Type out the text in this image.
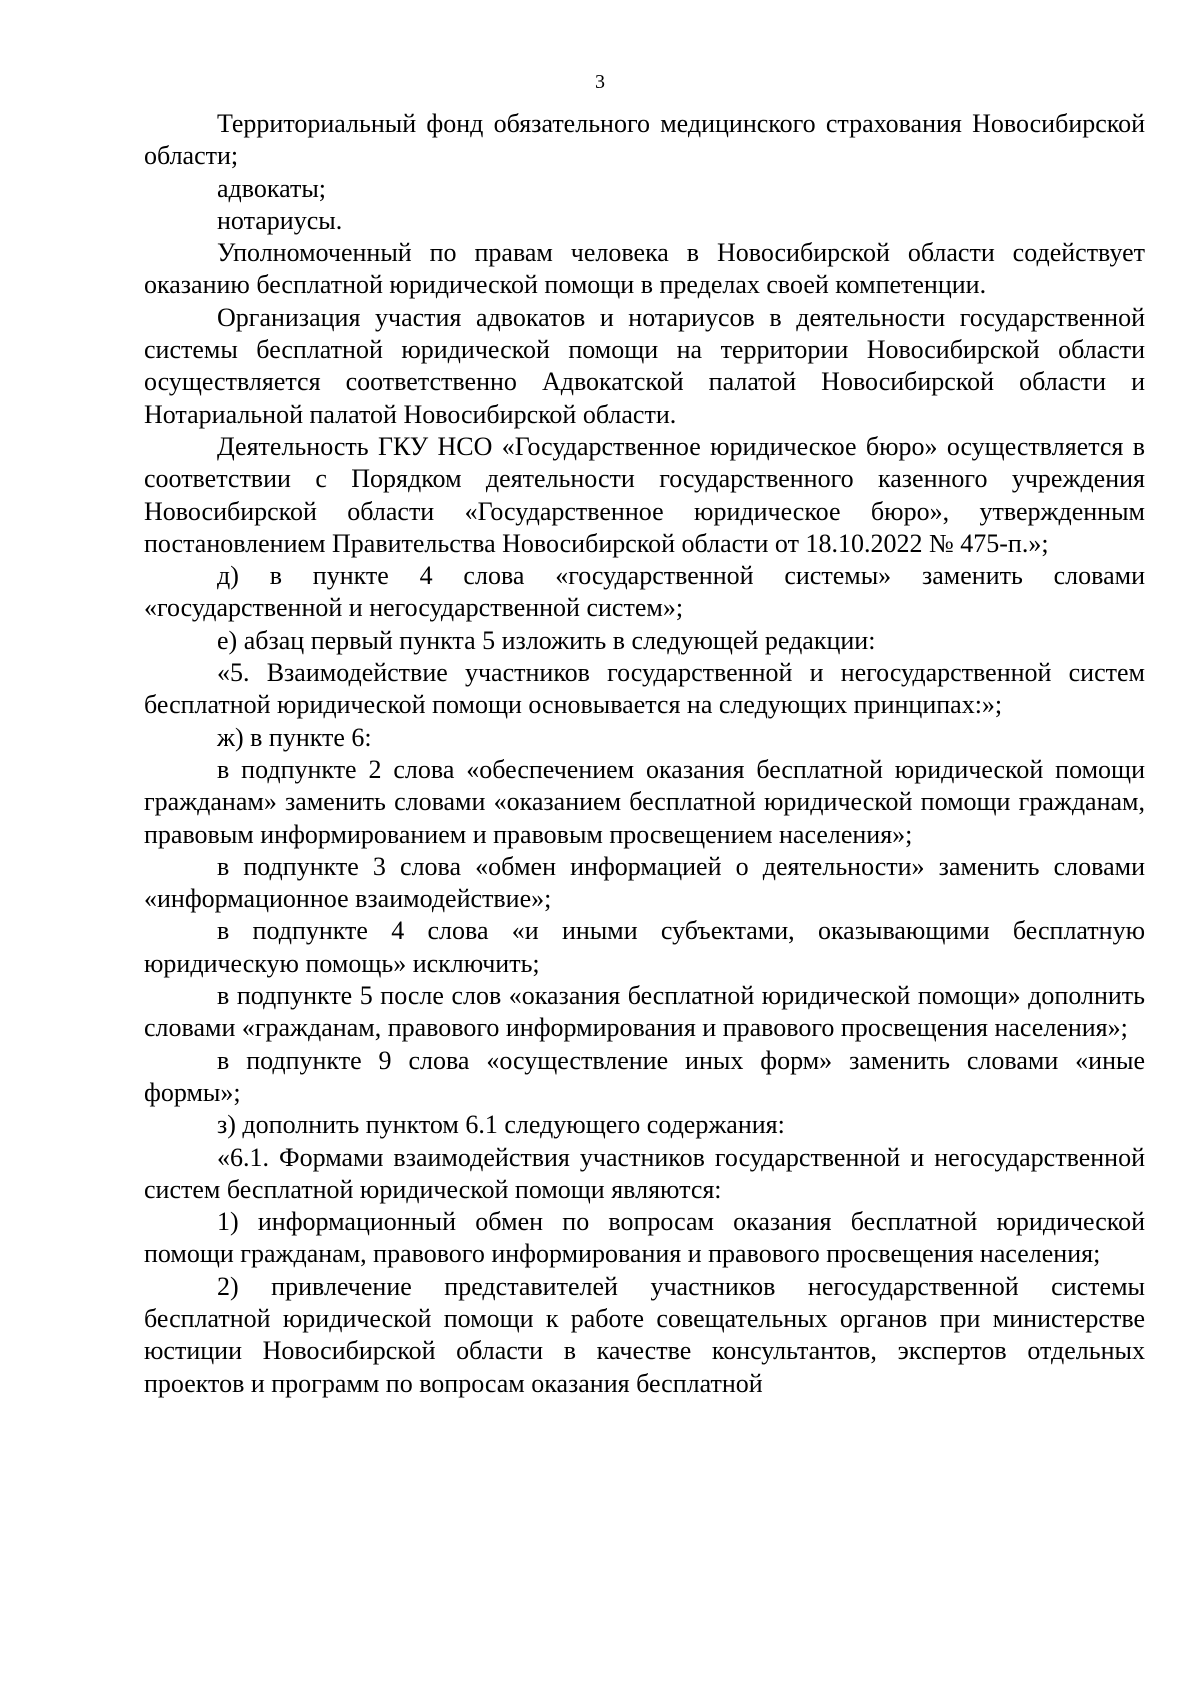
3

Территориальный фонд обязательного медицинского страхования Новосибирской области;

адвокаты;

нотариусы.

Уполномоченный по правам человека в Новосибирской области содействует оказанию бесплатной юридической помощи в пределах своей компетенции.

Организация участия адвокатов и нотариусов в деятельности государственной системы бесплатной юридической помощи на территории Новосибирской области осуществляется соответственно Адвокатской палатой Новосибирской области и Нотариальной палатой Новосибирской области.

Деятельность ГКУ НСО «Государственное юридическое бюро» осуществляется в соответствии с Порядком деятельности государственного казенного учреждения Новосибирской области «Государственное юридическое бюро», утвержденным постановлением Правительства Новосибирской области от 18.10.2022 № 475-п.»;

д) в пункте 4 слова «государственной системы» заменить словами «государственной и негосударственной систем»;

е) абзац первый пункта 5 изложить в следующей редакции:

«5. Взаимодействие участников государственной и негосударственной систем бесплатной юридической помощи основывается на следующих принципах:»;

ж) в пункте 6:

в подпункте 2 слова «обеспечением оказания бесплатной юридической помощи гражданам» заменить словами «оказанием бесплатной юридической помощи гражданам, правовым информированием и правовым просвещением населения»;

в подпункте 3 слова «обмен информацией о деятельности» заменить словами «информационное взаимодействие»;

в подпункте 4 слова «и иными субъектами, оказывающими бесплатную юридическую помощь» исключить;

в подпункте 5 после слов «оказания бесплатной юридической помощи» дополнить словами «гражданам, правового информирования и правового просвещения населения»;

в подпункте 9 слова «осуществление иных форм» заменить словами «иные формы»;

з) дополнить пунктом 6.1 следующего содержания:

«6.1. Формами взаимодействия участников государственной и негосударственной систем бесплатной юридической помощи являются:

1) информационный обмен по вопросам оказания бесплатной юридической помощи гражданам, правового информирования и правового просвещения населения;

2) привлечение представителей участников негосударственной системы бесплатной юридической помощи к работе совещательных органов при министерстве юстиции Новосибирской области в качестве консультантов, экспертов отдельных проектов и программ по вопросам оказания бесплатной
